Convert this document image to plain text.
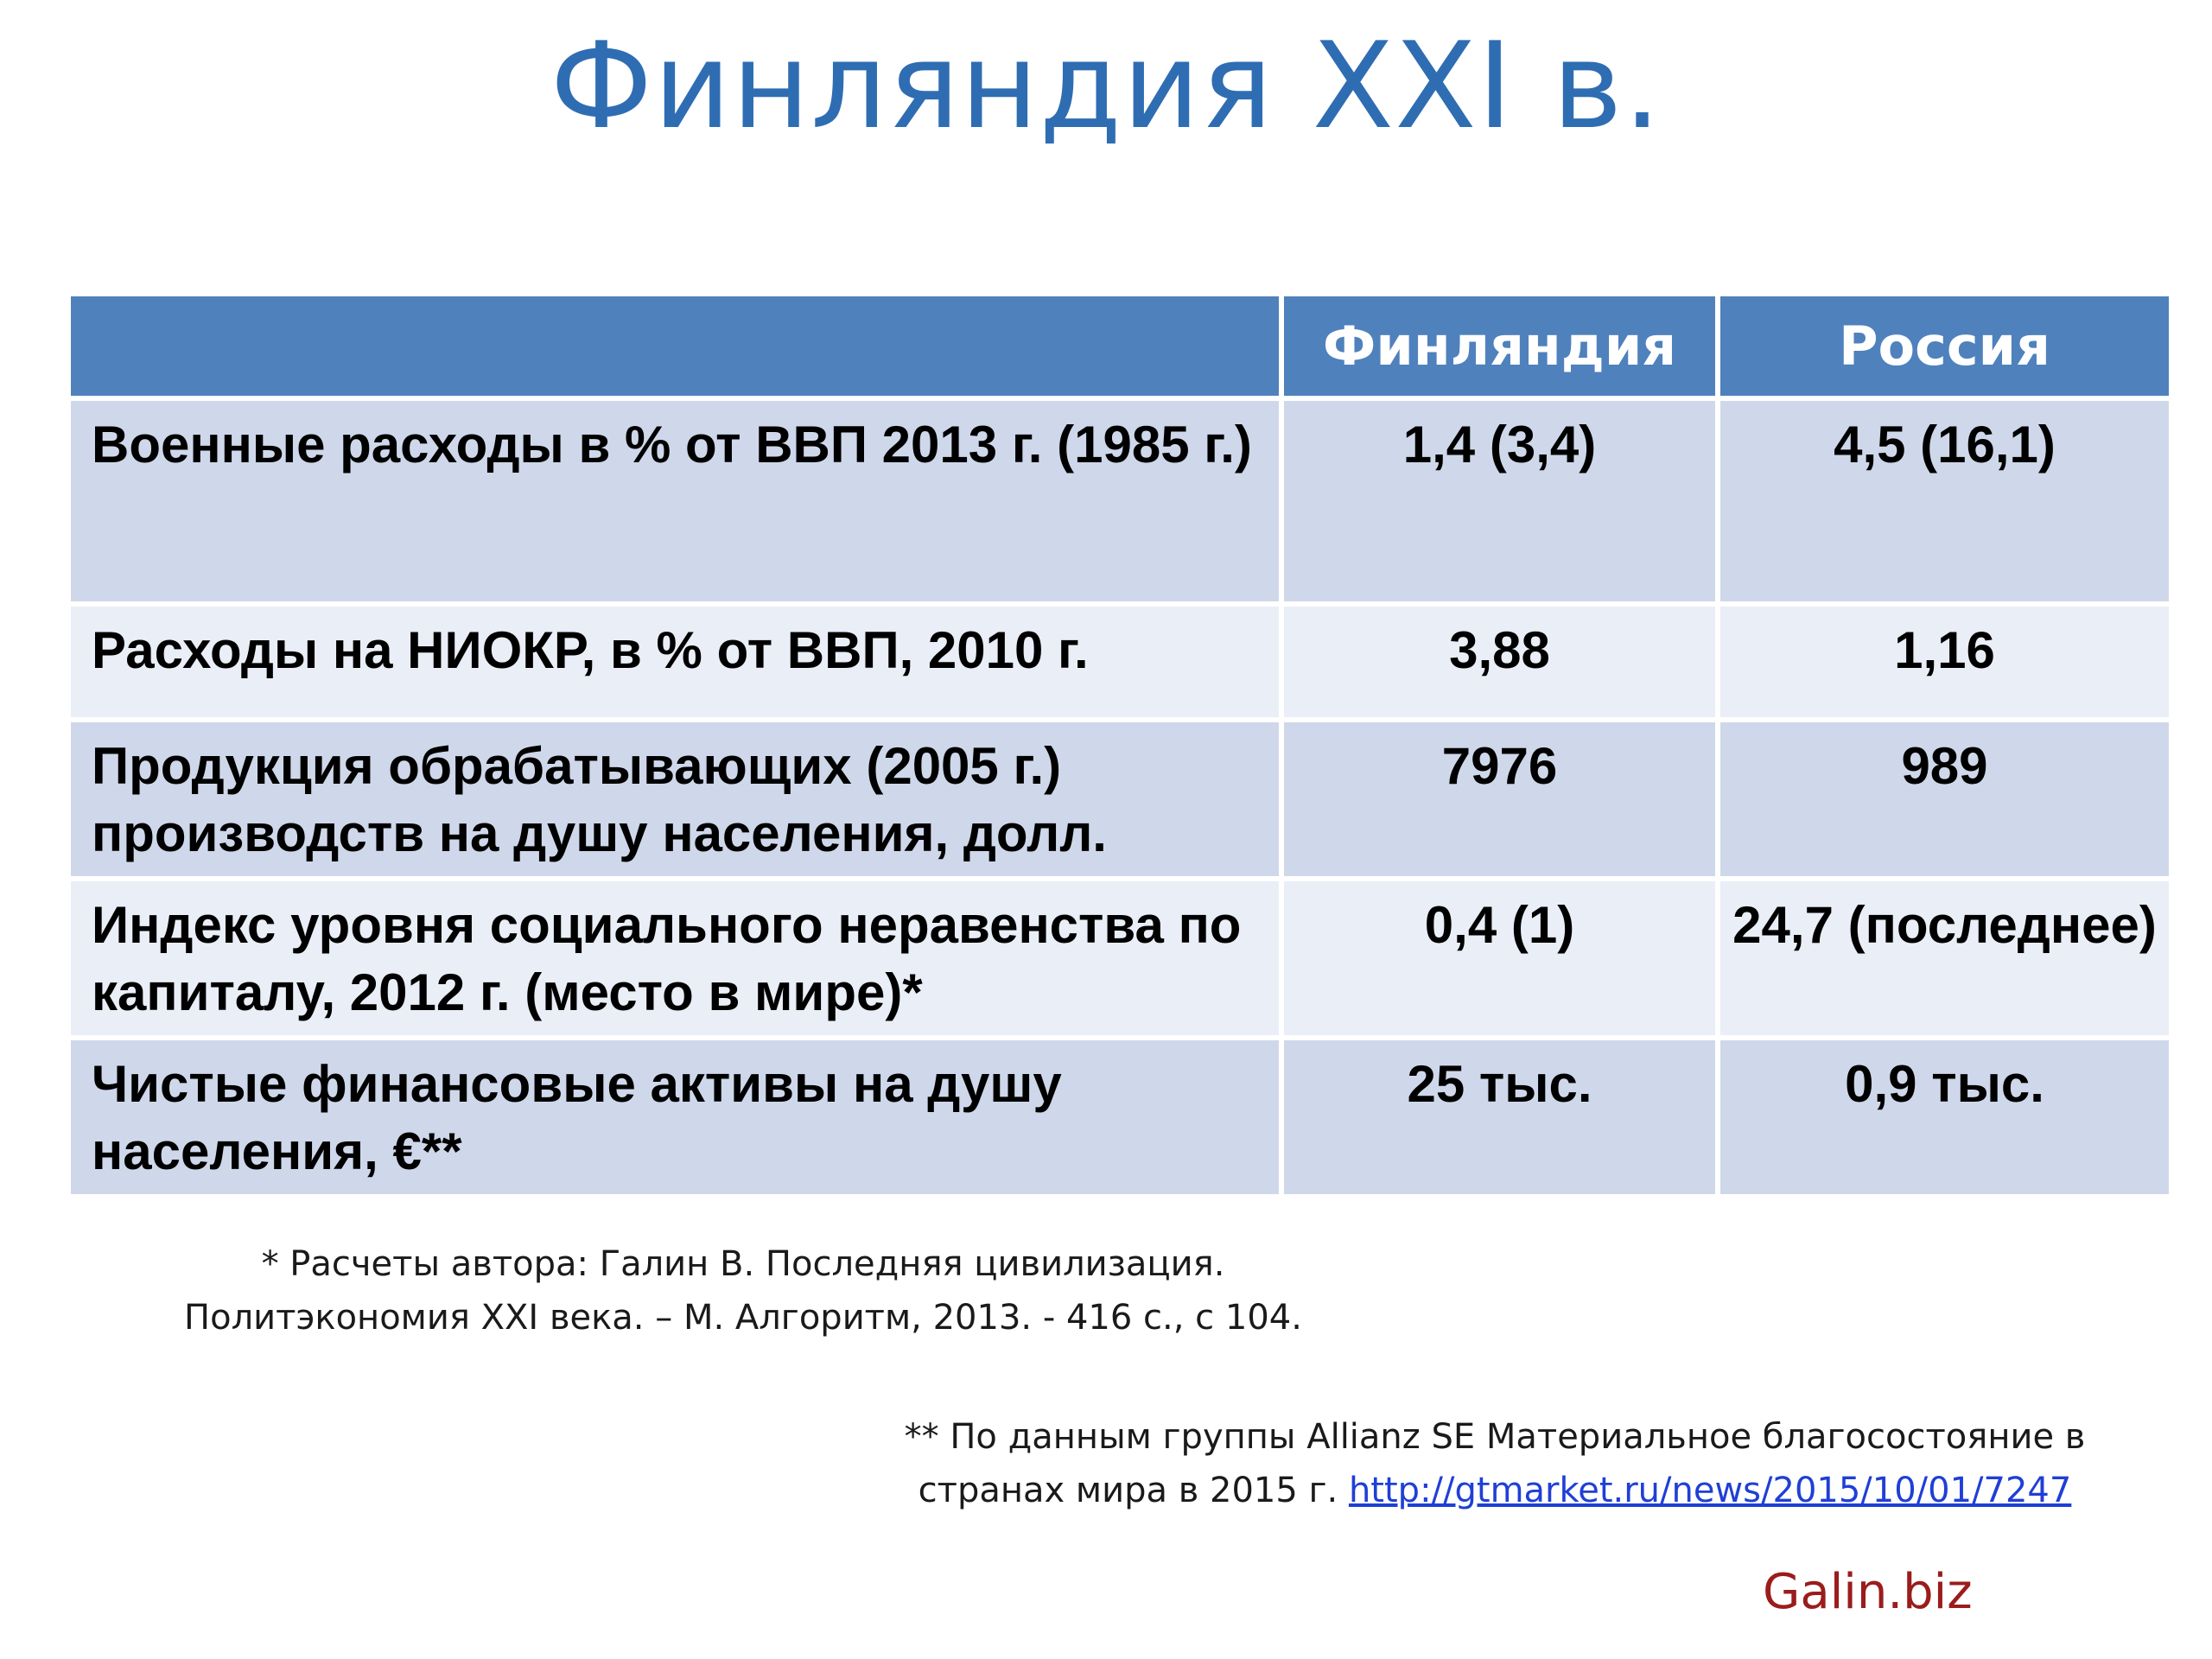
Финляндия XXI в.
	Финляндия	Россия
Военные расходы в % от ВВП 2013 г. (1985 г.)	1,4 (3,4)	4,5 (16,1)
Расходы на НИОКР, в % от ВВП, 2010 г.	3,88	1,16
Продукция обрабатывающих (2005 г.) производств на душу населения, долл.	7976	989
Индекс уровня социального неравенства по капиталу, 2012 г. (место в мире)*	0,4 (1)	24,7 (последнее)
Чистые финансовые активы на душу населения, €**	25 тыс.	0,9 тыс.
* Расчеты автора: Галин В. Последняя цивилизация.
Политэкономия XXI века. – М. Алгоритм, 2013. - 416 с., с 104.
** По данным группы Allianz SE Материальное благосостояние в
странах мира в 2015 г. http://gtmarket.ru/news/2015/10/01/7247
Galin.biz
